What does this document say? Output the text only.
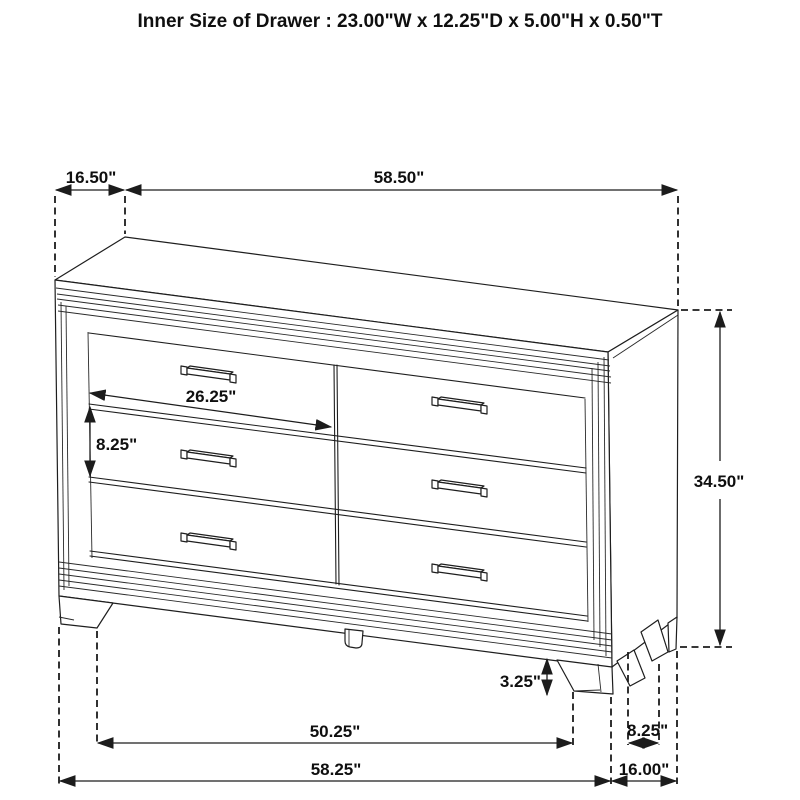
Inner Size of Drawer : 23.00"W x 12.25"D x 5.00"H x 0.50"T
16.50"	58.50"
34.50"
26.25"
8.25"
3.25"
50.25"
58.25"
8.25"
16.00"
